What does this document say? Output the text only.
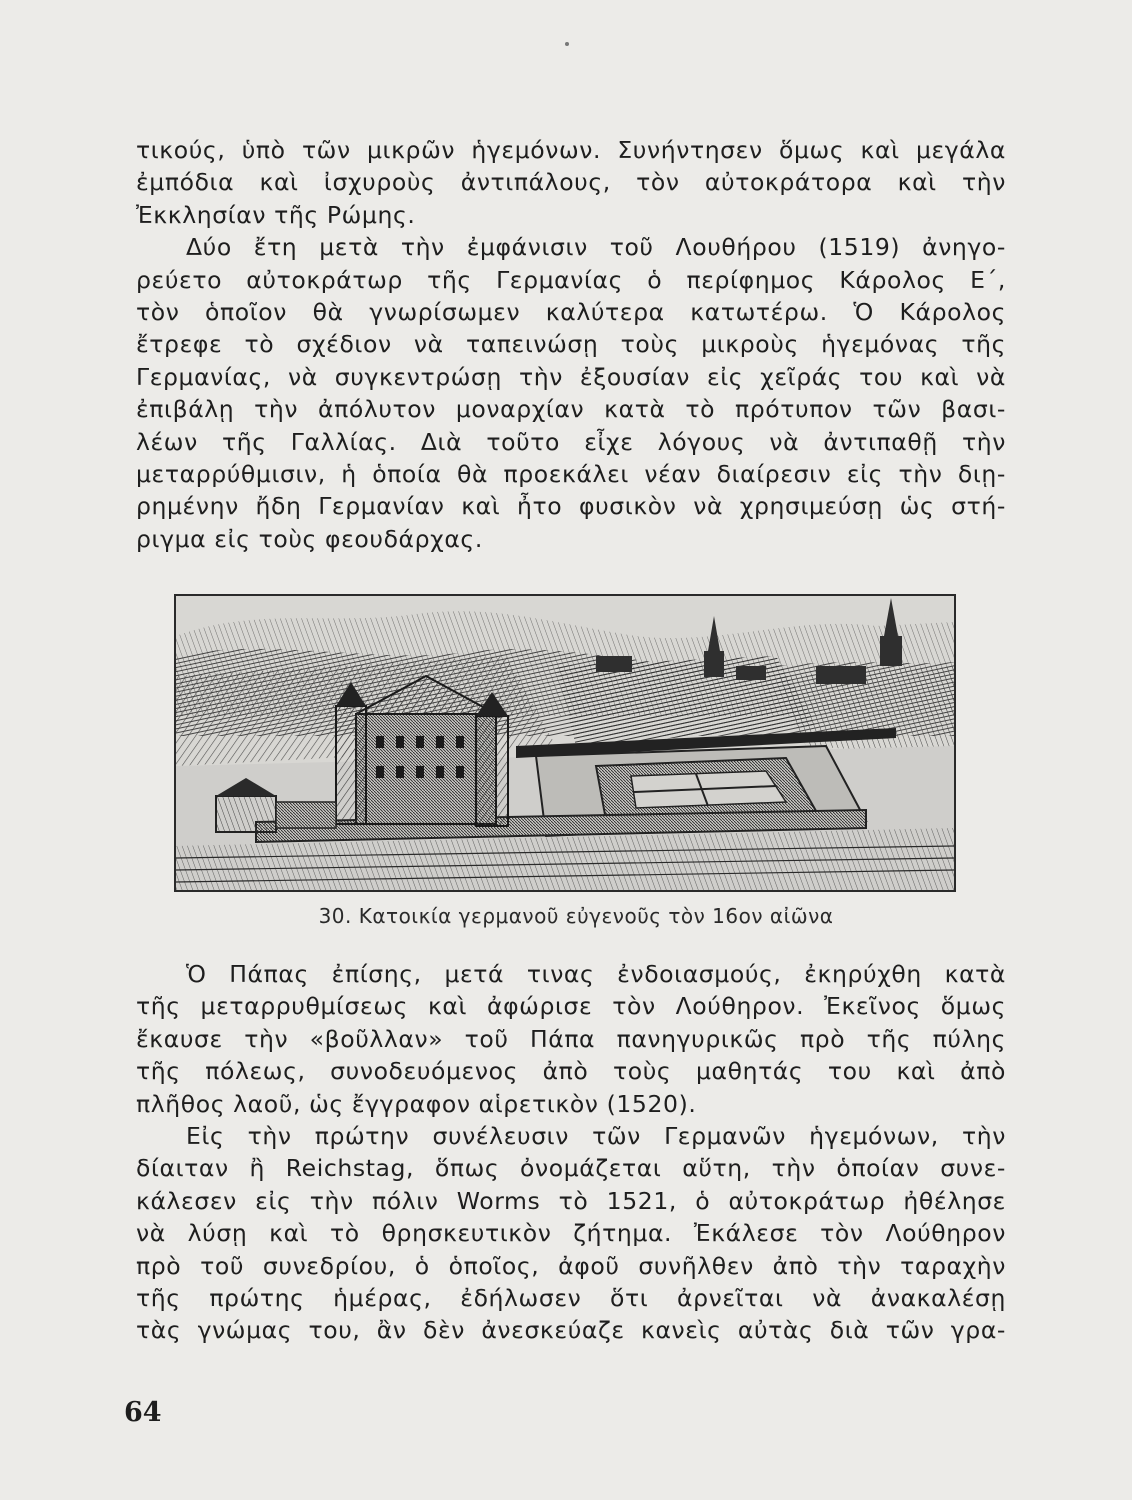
τικούς, ὑπὸ τῶν μικρῶν ἡγεμόνων. Συνήντησεν ὅμως καὶ μεγάλα
ἐμπόδια καὶ ἰσχυροὺς ἀντιπάλους, τὸν αὐτοκράτορα καὶ τὴν
Ἐκκλησίαν τῆς Ρώμης.
Δύο ἔτη μετὰ τὴν ἐμφάνισιν τοῦ Λουθήρου (1519) ἀνηγο-
ρεύετο αὐτοκράτωρ τῆς Γερμανίας ὁ περίφημος Κάρολος Ε΄,
τὸν ὁποῖον θὰ γνωρίσωμεν καλύτερα κατωτέρω. Ὁ Κάρολος
ἔτρεφε τὸ σχέδιον νὰ ταπεινώσῃ τοὺς μικροὺς ἡγεμόνας τῆς
Γερμανίας, νὰ συγκεντρώσῃ τὴν ἐξουσίαν εἰς χεῖράς του καὶ νὰ
ἐπιβάλῃ τὴν ἀπόλυτον μοναρχίαν κατὰ τὸ πρότυπον τῶν βασι-
λέων τῆς Γαλλίας. Διὰ τοῦτο εἶχε λόγους νὰ ἀντιπαθῇ τὴν
μεταρρύθμισιν, ἡ ὁποία θὰ προεκάλει νέαν διαίρεσιν εἰς τὴν διῃ-
ρημένην ἤδη Γερμανίαν καὶ ἦτο φυσικὸν νὰ χρησιμεύσῃ ὡς στή-
ριγμα εἰς τοὺς φεουδάρχας.
30. Κατοικία γερμανοῦ εὐγενοῦς τὸν 16ον αἰῶνα
Ὁ Πάπας ἐπίσης, μετά τινας ἐνδοιασμούς, ἐκηρύχθη κατὰ
τῆς μεταρρυθμίσεως καὶ ἀφώρισε τὸν Λούθηρον. Ἐκεῖνος ὅμως
ἔκαυσε τὴν «βοῦλλαν» τοῦ Πάπα πανηγυρικῶς πρὸ τῆς πύλης
τῆς πόλεως, συνοδευόμενος ἀπὸ τοὺς μαθητάς του καὶ ἀπὸ
πλῆθος λαοῦ, ὡς ἔγγραφον αἱρετικὸν (1520).
Εἰς τὴν πρώτην συνέλευσιν τῶν Γερμανῶν ἡγεμόνων, τὴν
δίαιταν ἢ Reichstag, ὅπως ὀνομάζεται αὕτη, τὴν ὁποίαν συνε-
κάλεσεν εἰς τὴν πόλιν Worms τὸ 1521, ὁ αὐτοκράτωρ ἠθέλησε
νὰ λύσῃ καὶ τὸ θρησκευτικὸν ζήτημα. Ἐκάλεσε τὸν Λούθηρον
πρὸ τοῦ συνεδρίου, ὁ ὁποῖος, ἀφοῦ συνῆλθεν ἀπὸ τὴν ταραχὴν
τῆς πρώτης ἡμέρας, ἐδήλωσεν ὅτι ἀρνεῖται νὰ ἀνακαλέσῃ
τὰς γνώμας του, ἂν δὲν ἀνεσκεύαζε κανεὶς αὐτὰς διὰ τῶν γρα-
64
